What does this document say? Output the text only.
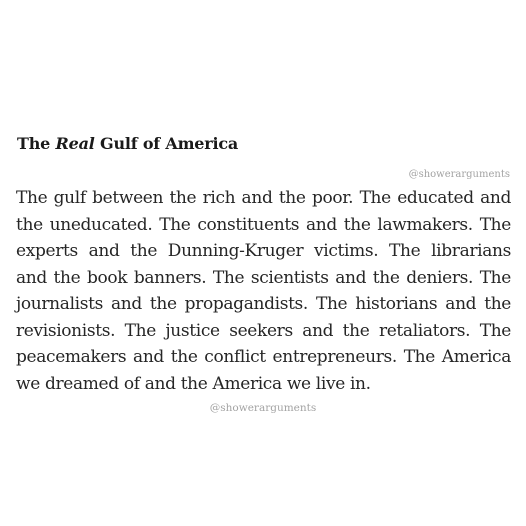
The Real Gulf of America
@showerarguments

The gulf between the rich and the poor. The educated and the uneducated. The constituents and the lawmakers. The experts and the Dunning-Kruger victims. The librarians and the book banners. The scientists and the deniers. The journalists and the propagandists. The historians and the revisionists. The justice seekers and the retaliators. The peacemakers and the conflict entrepreneurs. The America we dreamed of and the America we live in.

@showerarguments
